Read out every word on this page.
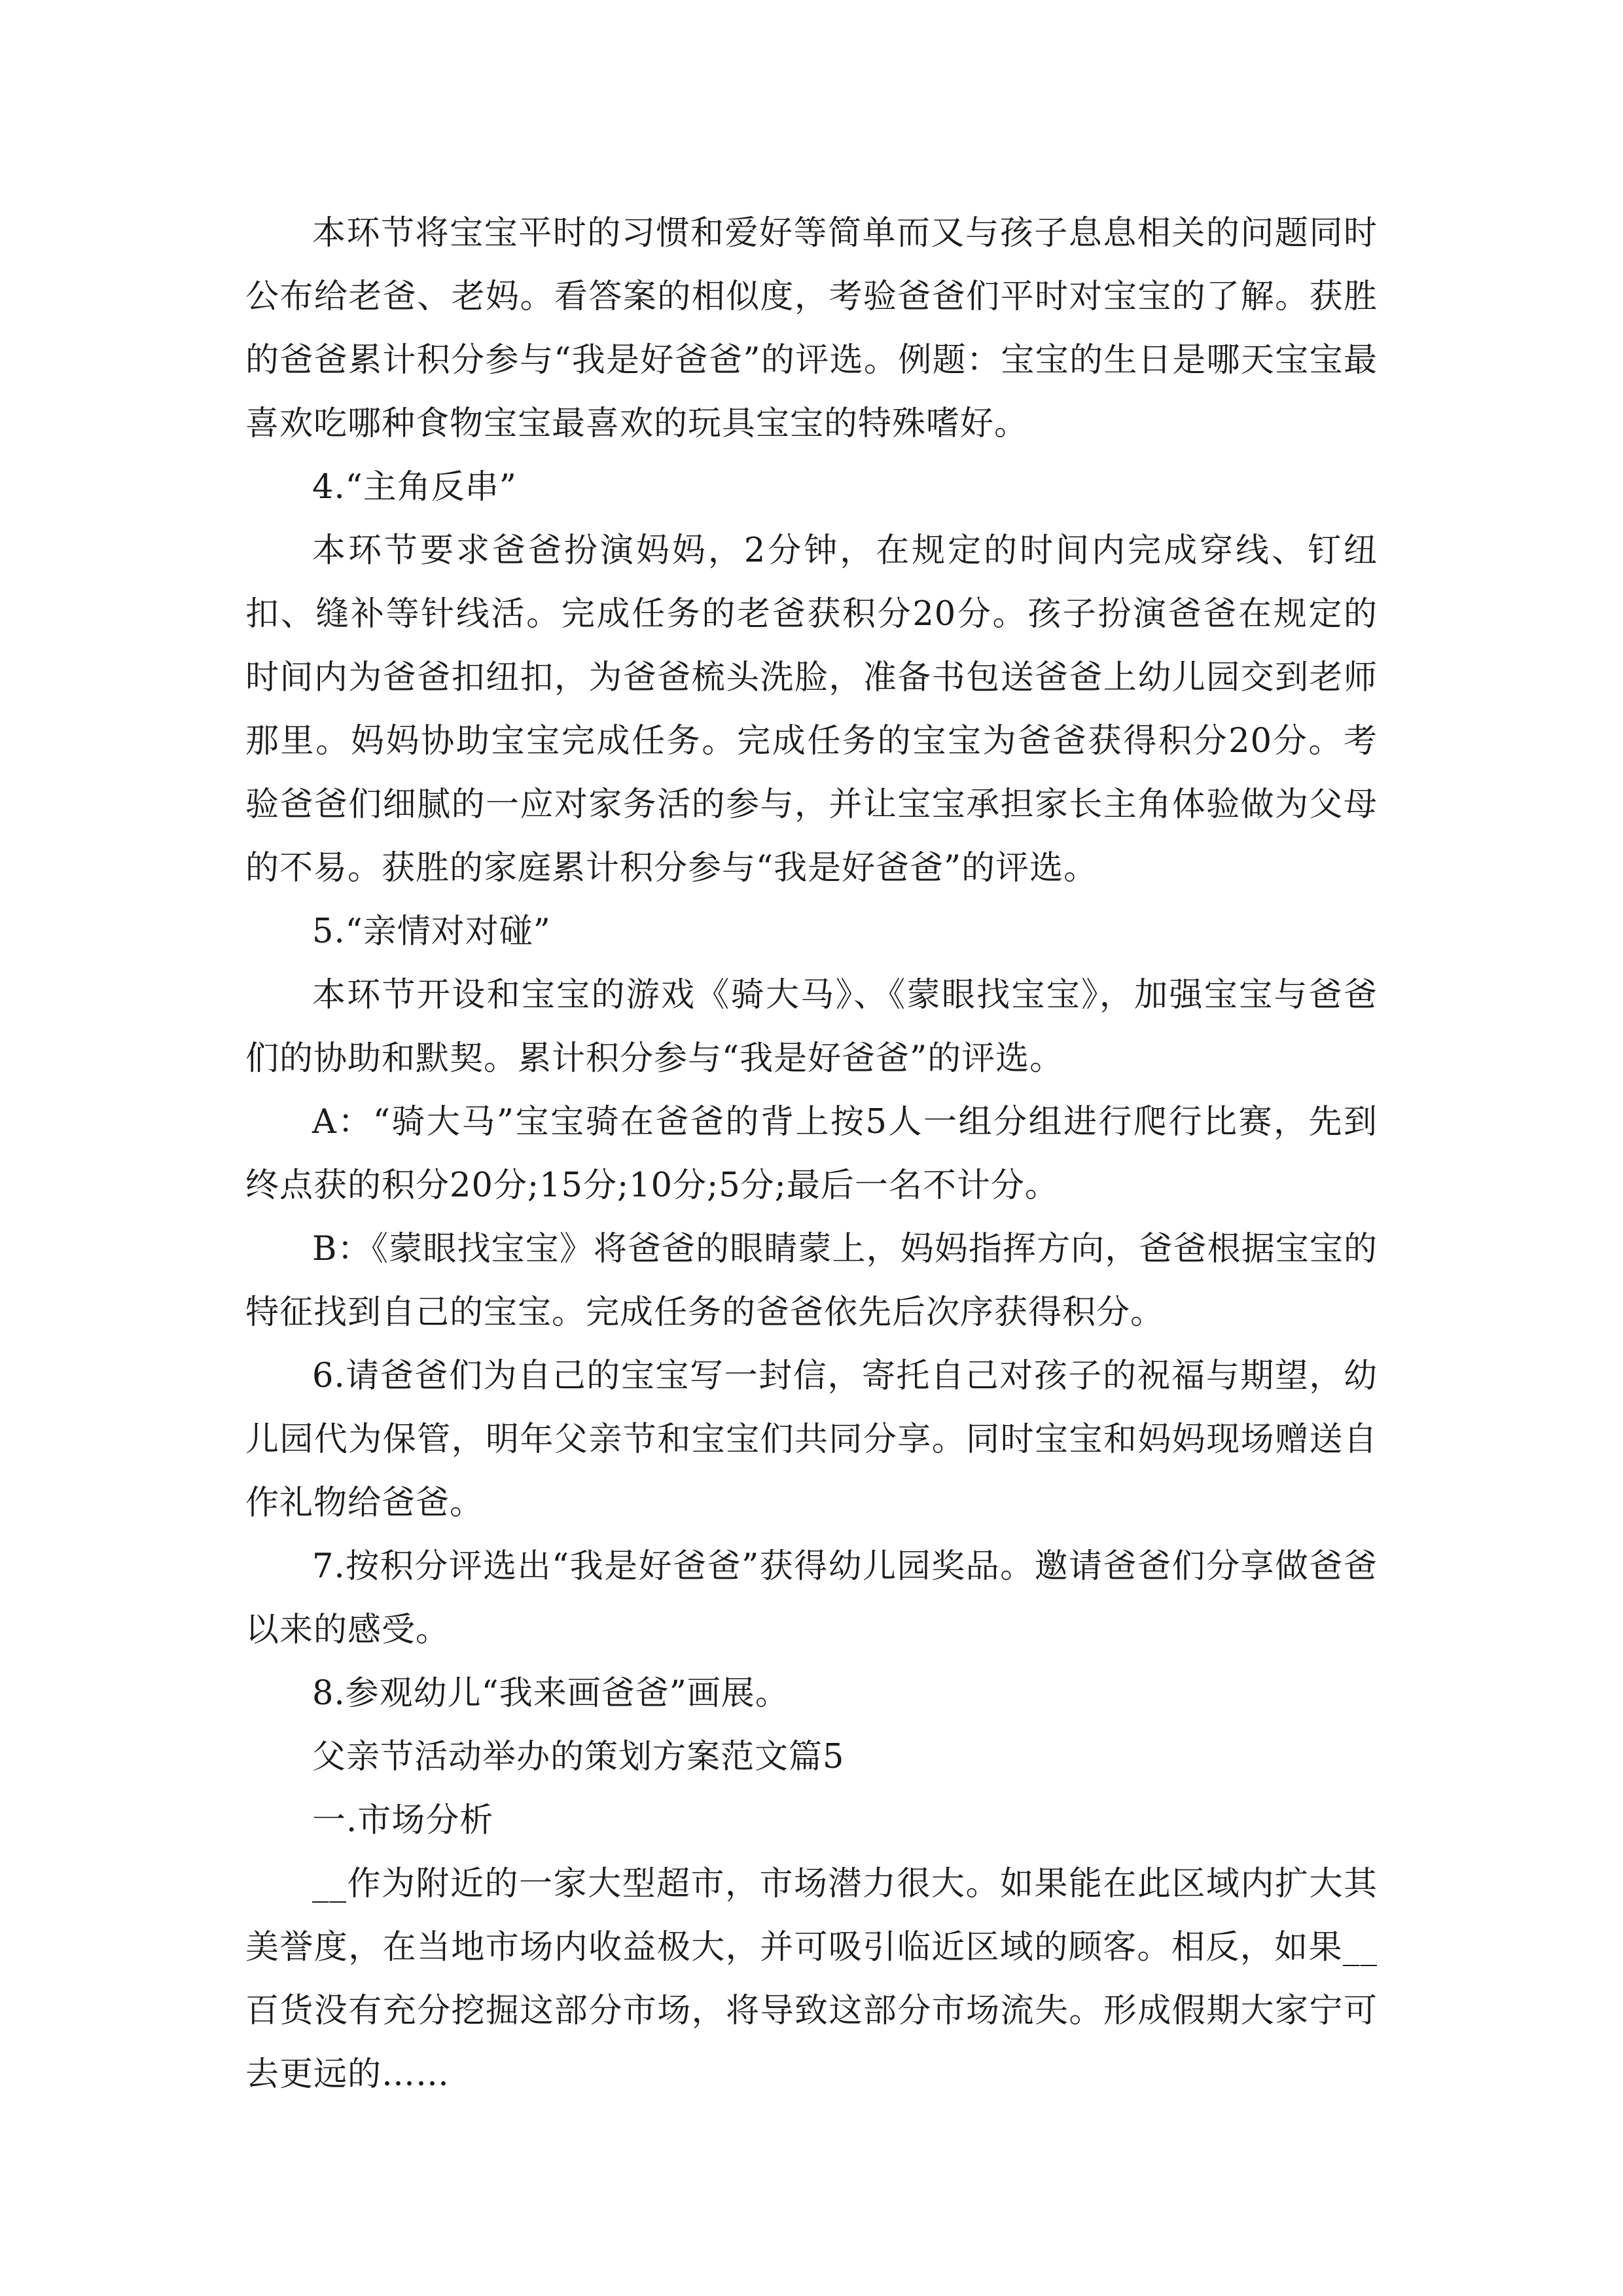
本环节将宝宝平时的习惯和爱好等简单而又与孩子息息相关的问题同时公布给老爸、老妈。看答案的相似度，考验爸爸们平时对宝宝的了解。获胜的爸爸累计积分参与“我是好爸爸”的评选。例题：宝宝的生日是哪天宝宝最喜欢吃哪种食物宝宝最喜欢的玩具宝宝的特殊嗜好。

4.“主角反串”

本环节要求爸爸扮演妈妈，2分钟，在规定的时间内完成穿线、钉纽扣、缝补等针线活。完成任务的老爸获积分20分。孩子扮演爸爸在规定的时间内为爸爸扣纽扣，为爸爸梳头洗脸，准备书包送爸爸上幼儿园交到老师那里。妈妈协助宝宝完成任务。完成任务的宝宝为爸爸获得积分20分。考验爸爸们细腻的一应对家务活的参与，并让宝宝承担家长主角体验做为父母的不易。获胜的家庭累计积分参与“我是好爸爸”的评选。

5.“亲情对对碰”

本环节开设和宝宝的游戏《骑大马》、《蒙眼找宝宝》，加强宝宝与爸爸们的协助和默契。累计积分参与“我是好爸爸”的评选。

A：“骑大马”宝宝骑在爸爸的背上按5人一组分组进行爬行比赛，先到终点获的积分20分;15分;10分;5分;最后一名不计分。

B：《蒙眼找宝宝》将爸爸的眼睛蒙上，妈妈指挥方向，爸爸根据宝宝的特征找到自己的宝宝。完成任务的爸爸依先后次序获得积分。

6.请爸爸们为自己的宝宝写一封信，寄托自己对孩子的祝福与期望，幼儿园代为保管，明年父亲节和宝宝们共同分享。同时宝宝和妈妈现场赠送自作礼物给爸爸。

7.按积分评选出“我是好爸爸”获得幼儿园奖品。邀请爸爸们分享做爸爸以来的感受。

8.参观幼儿“我来画爸爸”画展。

父亲节活动举办的策划方案范文篇5

一.市场分析

__作为附近的一家大型超市，市场潜力很大。如果能在此区域内扩大其美誉度，在当地市场内收益极大，并可吸引临近区域的顾客。相反，如果__百货没有充分挖掘这部分市场，将导致这部分市场流失。形成假期大家宁可去更远的……
